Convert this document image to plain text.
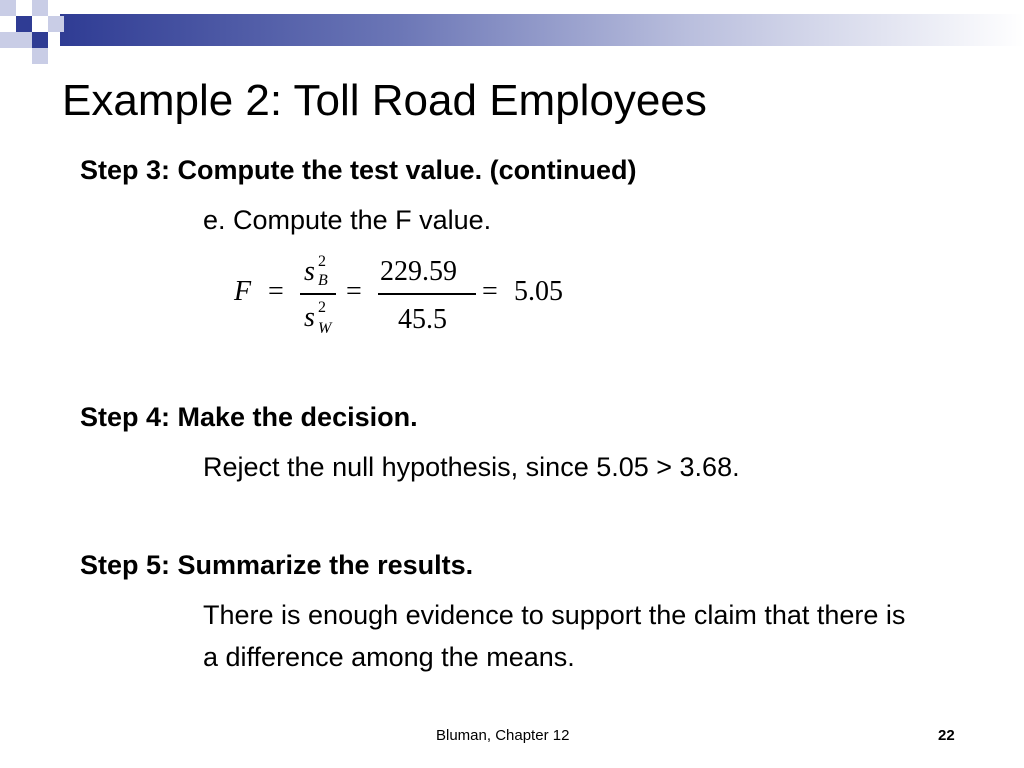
Example 2: Toll Road Employees
Step 3: Compute the test value. (continued)
e. Compute the F value.
F =
s 2
B
s 2
W
=
229.59
45.5
= 5.05
Step 4: Make the decision.
Reject the null hypothesis, since 5.05 > 3.68.
Step 5: Summarize the results.
There is enough evidence to support the claim that there is a difference among the means.
Bluman, Chapter 12	22
